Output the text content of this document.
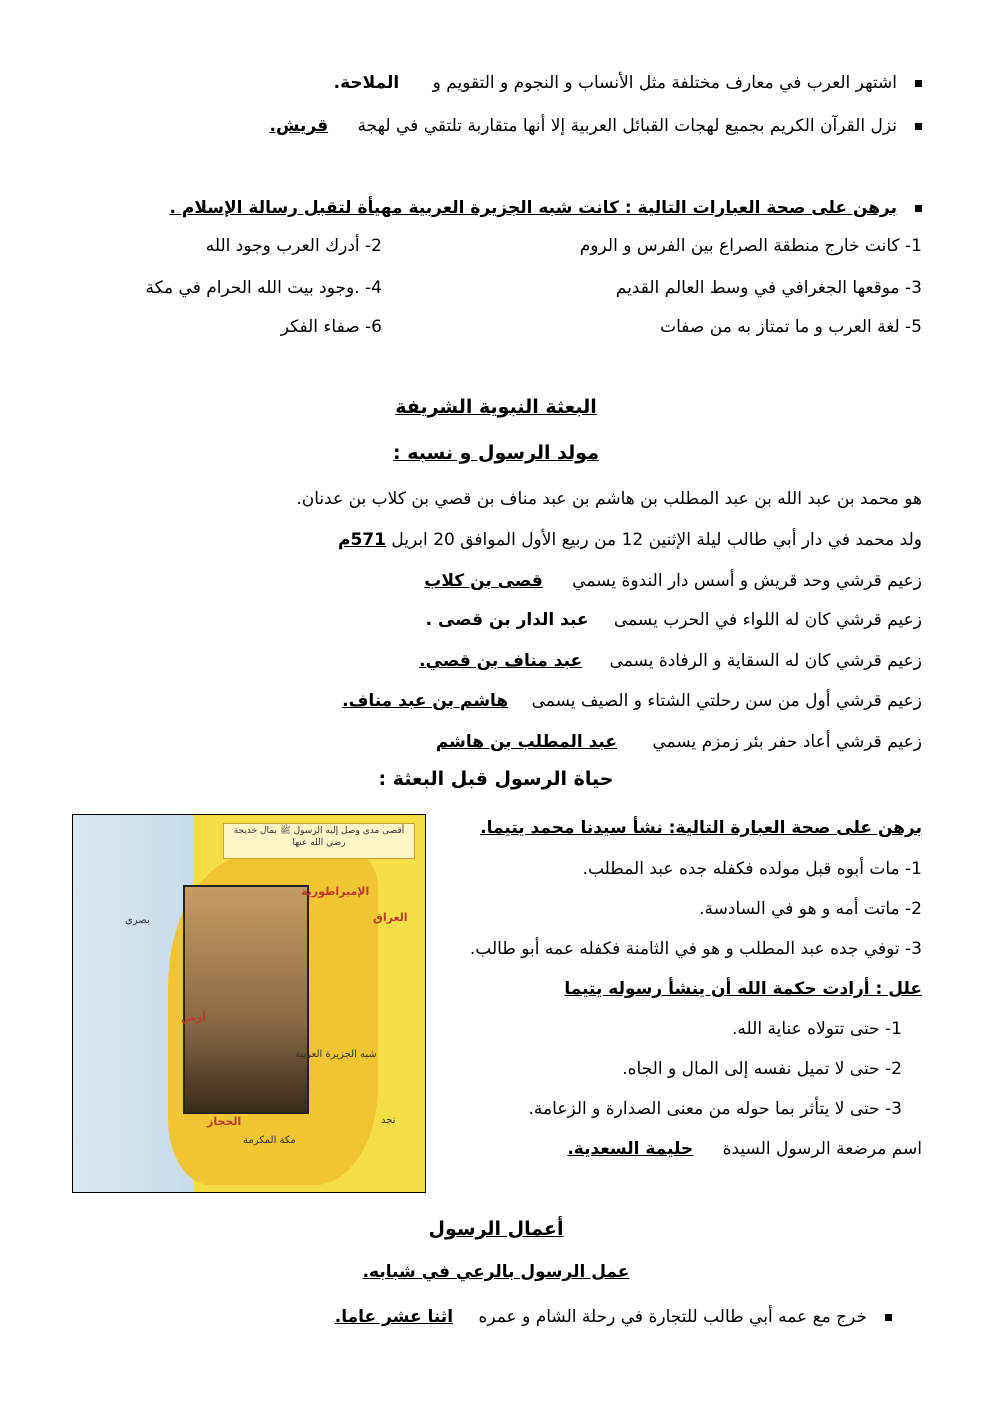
اشتهر العرب في معارف مختلفة مثل الأنساب و النجوم و التقويم و الملاحة.
نزل القرآن الكريم بجميع لهجات القبائل العربية إلا أنها متقاربة تلتقي في لهجة قريش.
برهن على صحة العبارات التالية : كانت شبه الجزيرة العربية مهيأة لتقبل رسالة الإسلام .
1- كانت خارج منطقة الصراع بين الفرس و الروم
2- أدرك العرب وجود الله
3- موقعها الجغرافي في وسط العالم القديم
4- .وجود بيت الله الحرام في مكة
5- لغة العرب و ما تمتاز به من صفات
6- صفاء الفكر
البعثة النبوية الشريفة
مولد الرسول و نسبه :
هو محمد بن عبد الله بن عبد المطلب بن هاشم بن عبد مناف بن قصي بن كلاب بن عدنان.
ولد محمد في دار أبي طالب ليلة الإثنين 12 من ربيع الأول الموافق 20 ابريل 571م
زعيم قرشي وحد قريش و أسس دار الندوة يسمي قصى بن كلاب
زعيم قرشي كان له اللواء في الحرب يسمى عبد الدار بن قصى .
زعيم قرشي كان له السقاية و الرفادة يسمى عبد مناف بن قصي.
زعيم قرشي أول من سن رحلتي الشتاء و الصيف يسمى هاشم بن عبد مناف.
زعيم قرشي أعاد حفر بئر زمزم يسمي عبد المطلب بن هاشم
حياة الرسول قبل البعثة :
برهن على صحة العبارة التالية: نشأ سيدنا محمد يتيما.
1- مات أبوه قبل مولده فكفله جده عبد المطلب.
2- ماتت أمه و هو في السادسة.
3- توفي جده عبد المطلب و هو في الثامنة فكفله عمه أبو طالب.
علل : أرادت حكمة الله أن ينشأ رسوله يتيما
1- حتى تتولاه عناية الله.
2- حتى لا تميل نفسه إلى المال و الجاه.
3- حتى لا يتأثر بما حوله من معنى الصدارة و الزعامة.
اسم مرضعة الرسول السيدة حليمة السعدية.
أقصى مدى وصل إليه الرسول ﷺ بمال خديجة رضي الله عنها
الإمبراطورية
بصرى	العراق
شبه الجزيرة العربية
الحجاز
مكة المكرمة
أرض
نجد
أعمال الرسول
عمل الرسول بالرعي في شبابه.
خرج مع عمه أبي طالب للتجارة في رحلة الشام و عمره اثنا عشر عاما.
